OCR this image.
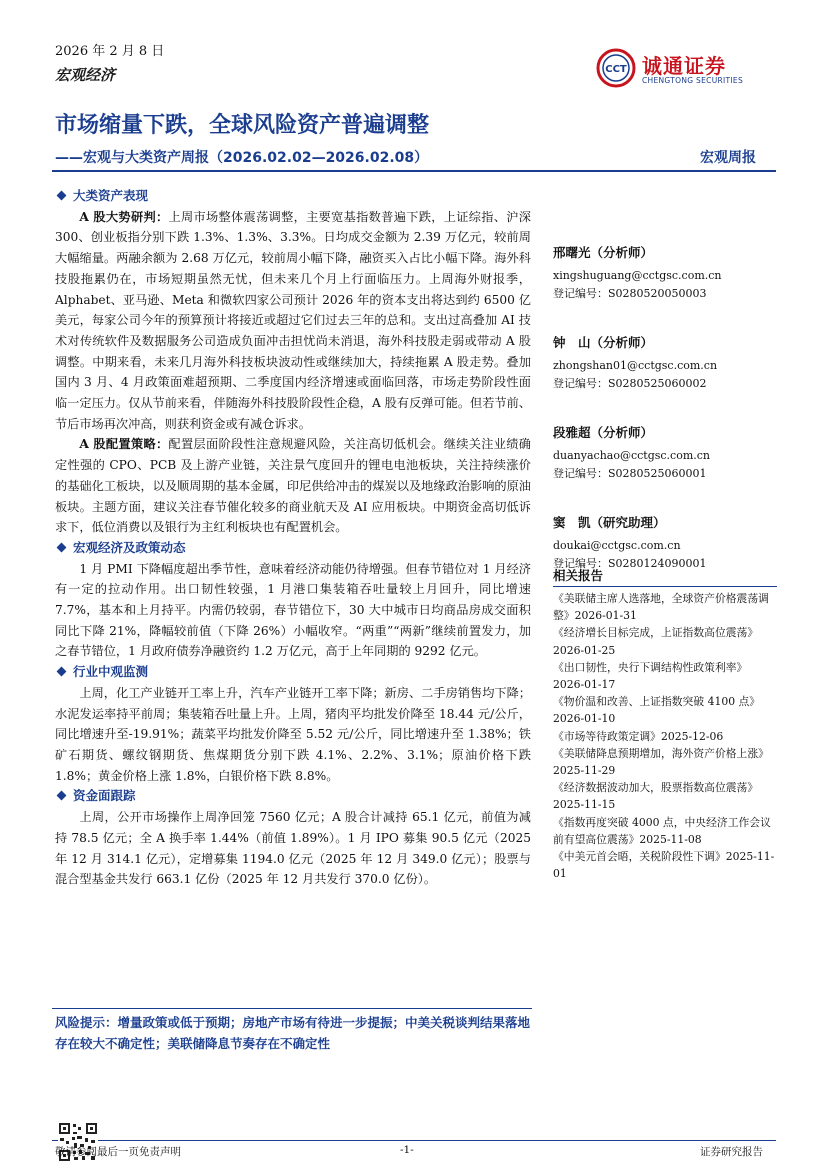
2026 年 2 月 8 日
宏观经济	CCT 诚通证券
CHENGTONG SECURITIES
市场缩量下跌，全球风险资产普遍调整
——宏观与大类资产周报（2026.02.02—2026.02.08）	宏观周报
大类资产表现

A 股大势研判：上周市场整体震荡调整，主要宽基指数普遍下跌，上证综指、沪深 300、创业板指分别下跌 1.3%、1.3%、3.3%。日均成交金额为 2.39 万亿元，较前周大幅缩量。两融余额为 2.68 万亿元，较前周小幅下降，融资买入占比小幅下降。海外科技股拖累仍在，市场短期虽然无忧，但未来几个月上行面临压力。上周海外财报季，Alphabet、亚马逊、Meta 和微软四家公司预计 2026 年的资本支出将达到约 6500 亿美元，每家公司今年的预算预计将接近或超过它们过去三年的总和。支出过高叠加 AI 技术对传统软件及数据服务公司造成负面冲击担忧尚未消退，海外科技股走弱或带动 A 股调整。中期来看，未来几月海外科技板块波动性或继续加大，持续拖累 A 股走势。叠加国内 3 月、4 月政策面难超预期、二季度国内经济增速或面临回落，市场走势阶段性面临一定压力。仅从节前来看，伴随海外科技股阶段性企稳，A 股有反弹可能。但若节前、节后市场再次冲高，则获利资金或有减仓诉求。

A 股配置策略：配置层面阶段性注意规避风险，关注高切低机会。继续关注业绩确定性强的 CPO、PCB 及上游产业链，关注景气度回升的锂电电池板块，关注持续涨价的基础化工板块，以及顺周期的基本金属，印尼供给冲击的煤炭以及地缘政治影响的原油板块。主题方面，建议关注春节催化较多的商业航天及 AI 应用板块。中期资金高切低诉求下，低位消费以及银行为主红利板块也有配置机会。

宏观经济及政策动态

1 月 PMI 下降幅度超出季节性，意味着经济动能仍待增强。但春节错位对 1 月经济有一定的拉动作用。出口韧性较强，1 月港口集装箱吞吐量较上月回升，同比增速 7.7%，基本和上月持平。内需仍较弱，春节错位下，30 大中城市日均商品房成交面积同比下降 21%，降幅较前值（下降 26%）小幅收窄。“两重”“两新”继续前置发力，加之春节错位，1 月政府债券净融资约 1.2 万亿元，高于上年同期的 9292 亿元。

行业中观监测

上周，化工产业链开工率上升，汽车产业链开工率下降；新房、二手房销售均下降；水泥发运率持平前周；集装箱吞吐量上升。上周，猪肉平均批发价降至 18.44 元/公斤，同比增速升至-19.91%；蔬菜平均批发价降至 5.52 元/公斤，同比增速升至 1.38%；铁矿石期货、螺纹钢期货、焦煤期货分别下跌 4.1%、2.2%、3.1%；原油价格下跌 1.8%；黄金价格上涨 1.8%，白银价格下跌 8.8%。

资金面跟踪

上周，公开市场操作上周净回笼 7560 亿元；A 股合计减持 65.1 亿元，前值为减持 78.5 亿元；全 A 换手率 1.44%（前值 1.89%）。1 月 IPO 募集 90.5 亿元（2025 年 12 月 314.1 亿元），定增募集 1194.0 亿元（2025 年 12 月 349.0 亿元）；股票与混合型基金共发行 663.1 亿份（2025 年 12 月共发行 370.0 亿份）。

风险提示：增量政策或低于预期；房地产市场有待进一步提振；中美关税谈判结果落地存在较大不确定性；美联储降息节奏存在不确定性
邢曙光（分析师）
xingshuguang@cctgsc.com.cn
登记编号：S0280520050003
钟　山（分析师）
zhongshan01@cctgsc.com.cn
登记编号：S0280525060002
段雅超（分析师）
duanyachao@cctgsc.com.cn
登记编号：S0280525060001
窦　凯（研究助理）
doukai@cctgsc.com.cn
登记编号：S0280124090001
相关报告
《美联储主席人选落地，全球资产价格震荡调整》2026-01-31
《经济增长目标完成，上证指数高位震荡》2026-01-25
《出口韧性，央行下调结构性政策利率》2026-01-17
《物价温和改善、上证指数突破 4100 点》2026-01-10
《市场等待政策定调》2025-12-06
《美联储降息预期增加，海外资产价格上涨》2025-11-29
《经济数据波动加大，股票指数高位震荡》2025-11-15
《指数再度突破 4000 点，中央经济工作会议前有望高位震荡》2025-11-08
《中美元首会晤，关税阶段性下调》2025-11-01
敬请参阅最后一页免责声明	-1-	证券研究报告
